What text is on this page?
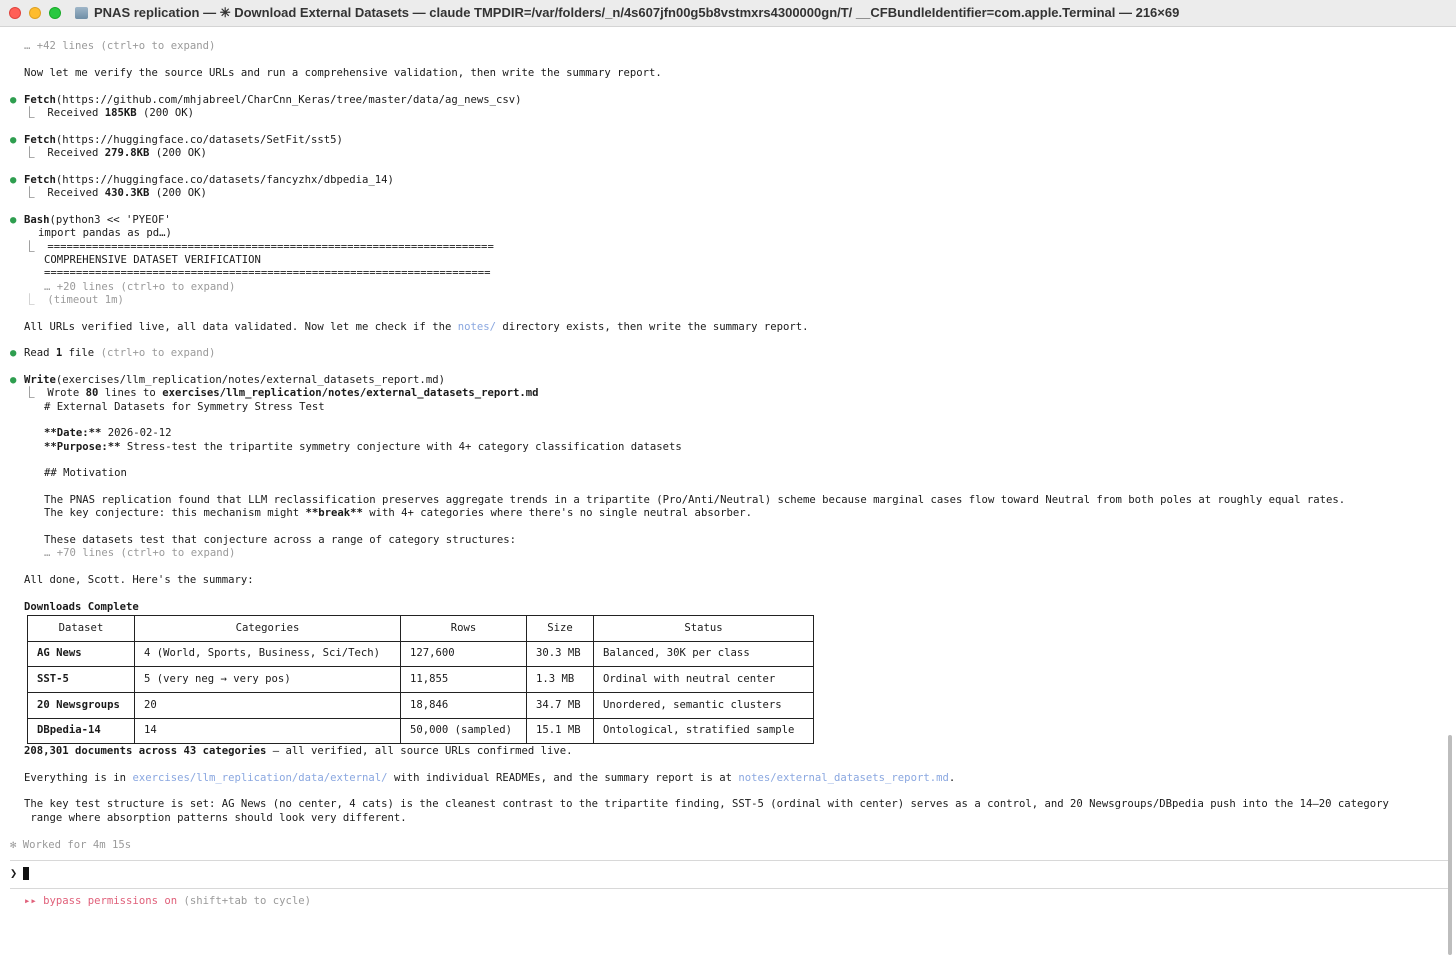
PNAS replication — ✳ Download External Datasets — claude TMPDIR=/var/folders/_n/4s607jfn00g5b8vstmxrs4300000gn/T/ __CFBundleIdentifier=com.apple.Terminal — 216×69
… +42 lines (ctrl+o to expand)
Now let me verify the source URLs and run a comprehensive validation, then write the summary report.
● Fetch(https://github.com/mhjabreel/CharCnn_Keras/tree/master/data/ag_news_csv)
⎿  Received 185KB (200 OK)
● Fetch(https://huggingface.co/datasets/SetFit/sst5)
⎿  Received 279.8KB (200 OK)
● Fetch(https://huggingface.co/datasets/fancyzhx/dbpedia_14)
⎿  Received 430.3KB (200 OK)
● Bash(python3 << 'PYEOF'
import pandas as pd…)
⎿  ======================================================================
COMPREHENSIVE DATASET VERIFICATION
======================================================================
… +20 lines (ctrl+o to expand)
⎿  (timeout 1m)
All URLs verified live, all data validated. Now let me check if the notes/ directory exists, then write the summary report.
● Read 1 file (ctrl+o to expand)
● Write(exercises/llm_replication/notes/external_datasets_report.md)
⎿  Wrote 80 lines to exercises/llm_replication/notes/external_datasets_report.md
# External Datasets for Symmetry Stress Test
**Date:** 2026-02-12
**Purpose:** Stress-test the tripartite symmetry conjecture with 4+ category classification datasets
## Motivation
The PNAS replication found that LLM reclassification preserves aggregate trends in a tripartite (Pro/Anti/Neutral) scheme because marginal cases flow toward Neutral from both poles at roughly equal rates.
The key conjecture: this mechanism might **break** with 4+ categories where there's no single neutral absorber.
These datasets test that conjecture across a range of category structures:
… +70 lines (ctrl+o to expand)
All done, Scott. Here's the summary:
Downloads Complete
Dataset	Categories	Rows	Size	Status
AG News	4 (World, Sports, Business, Sci/Tech)	127,600	30.3 MB	Balanced, 30K per class
SST-5	5 (very neg → very pos)	11,855	1.3 MB	Ordinal with neutral center
20 Newsgroups	20	18,846	34.7 MB	Unordered, semantic clusters
DBpedia-14	14	50,000 (sampled)	15.1 MB	Ontological, stratified sample
208,301 documents across 43 categories — all verified, all source URLs confirmed live.
Everything is in exercises/llm_replication/data/external/ with individual READMEs, and the summary report is at notes/external_datasets_report.md.
The key test structure is set: AG News (no center, 4 cats) is the cleanest contrast to the tripartite finding, SST-5 (ordinal with center) serves as a control, and 20 Newsgroups/DBpedia push into the 14–20 category
range where absorption patterns should look very different.
✻ Worked for 4m 15s
❯
▸▸ bypass permissions on (shift+tab to cycle)
